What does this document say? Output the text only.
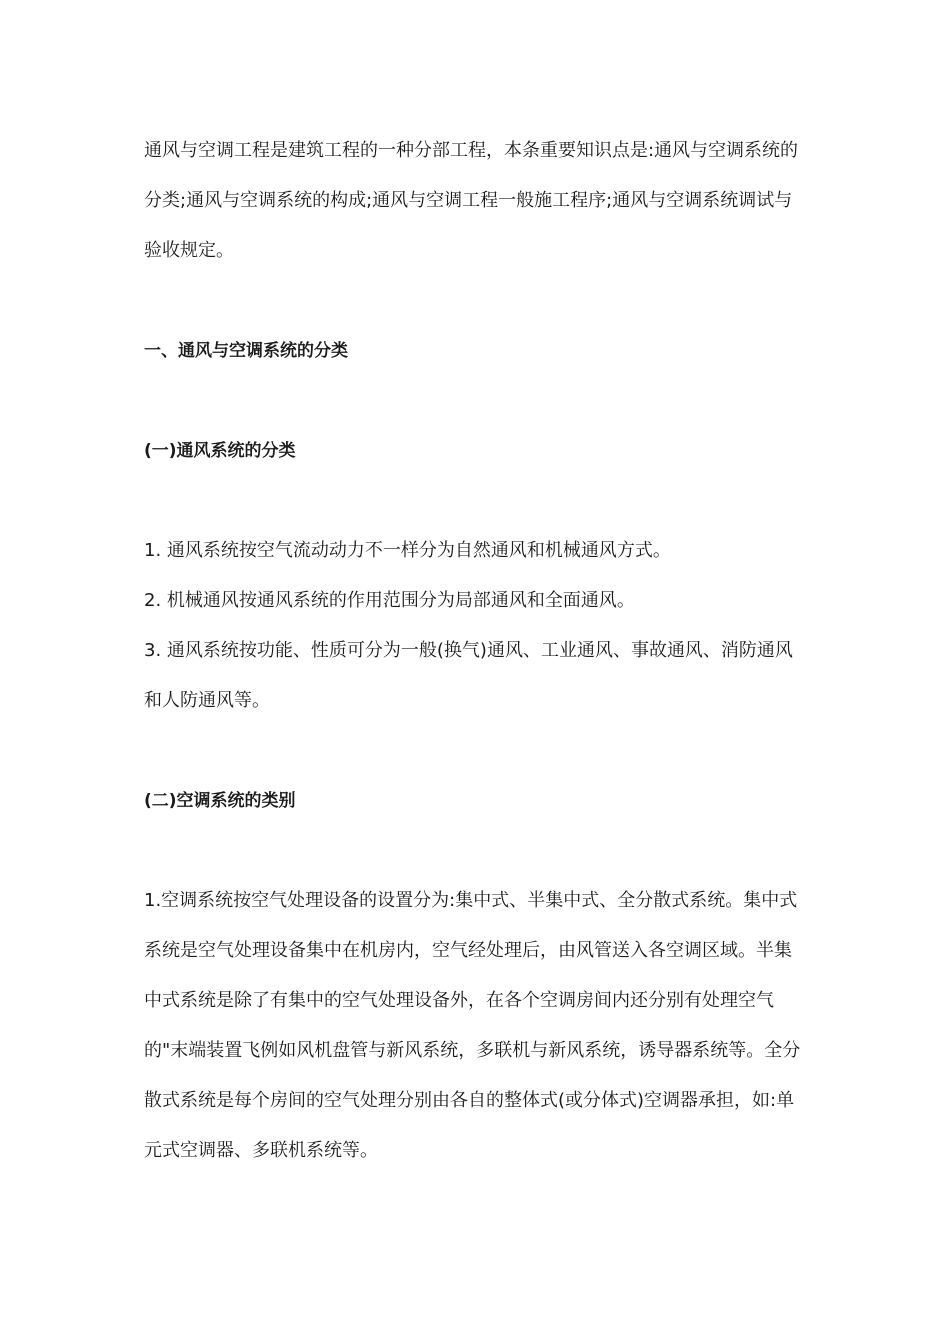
通风与空调工程是建筑工程的一种分部工程，本条重要知识点是:通风与空调系统的分类;通风与空调系统的构成;通风与空调工程一般施工程序;通风与空调系统调试与验收规定。

一、通风与空调系统的分类

(一)通风系统的分类

1. 通风系统按空气流动动力不一样分为自然通风和机械通风方式。

2. 机械通风按通风系统的作用范围分为局部通风和全面通风。

3. 通风系统按功能、性质可分为一般(换气)通风、工业通风、事故通风、消防通风和人防通风等。

(二)空调系统的类别

1.空调系统按空气处理设备的设置分为:集中式、半集中式、全分散式系统。集中式系统是空气处理设备集中在机房内，空气经处理后，由风管送入各空调区域。半集中式系统是除了有集中的空气处理设备外，在各个空调房间内还分别有处理空气的"末端装置飞例如风机盘管与新风系统，多联机与新风系统，诱导器系统等。全分散式系统是每个房间的空气处理分别由各自的整体式(或分体式)空调器承担，如:单元式空调器、多联机系统等。
